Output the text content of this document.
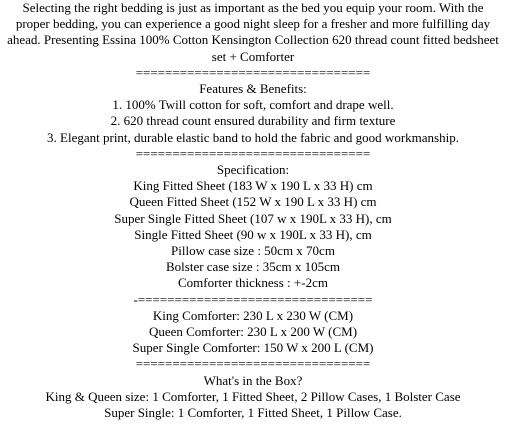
Selecting the right bedding is just as important as the bed you equip your room. With the proper bedding, you can experience a good night sleep for a fresher and more fulfilling day ahead. Presenting Essina 100% Cotton Kensington Collection 620 thread count fitted bedsheet set + Comforter
================================
Features & Benefits:
1. 100% Twill cotton for soft, comfort and drape well.
2. 620 thread count ensured durability and firm texture
3. Elegant print, durable elastic band to hold the fabric and good workmanship.
================================
Specification:
King Fitted Sheet (183 W x 190 L x 33 H) cm
Queen Fitted Sheet (152 W x 190 L x 33 H) cm
Super Single Fitted Sheet (107 w x 190L x 33 H), cm
Single Fitted Sheet (90 w x 190L x 33 H), cm
Pillow case size : 50cm x 70cm
Bolster case size : 35cm x 105cm
Comforter thickness : +-2cm
-================================
King Comforter: 230 L x 230 W (CM)
Queen Comforter: 230 L x 200 W (CM)
Super Single Comforter: 150 W x 200 L (CM)
================================
What's in the Box?
King & Queen size: 1 Comforter, 1 Fitted Sheet, 2 Pillow Cases, 1 Bolster Case
Super Single: 1 Comforter, 1 Fitted Sheet, 1 Pillow Case.
